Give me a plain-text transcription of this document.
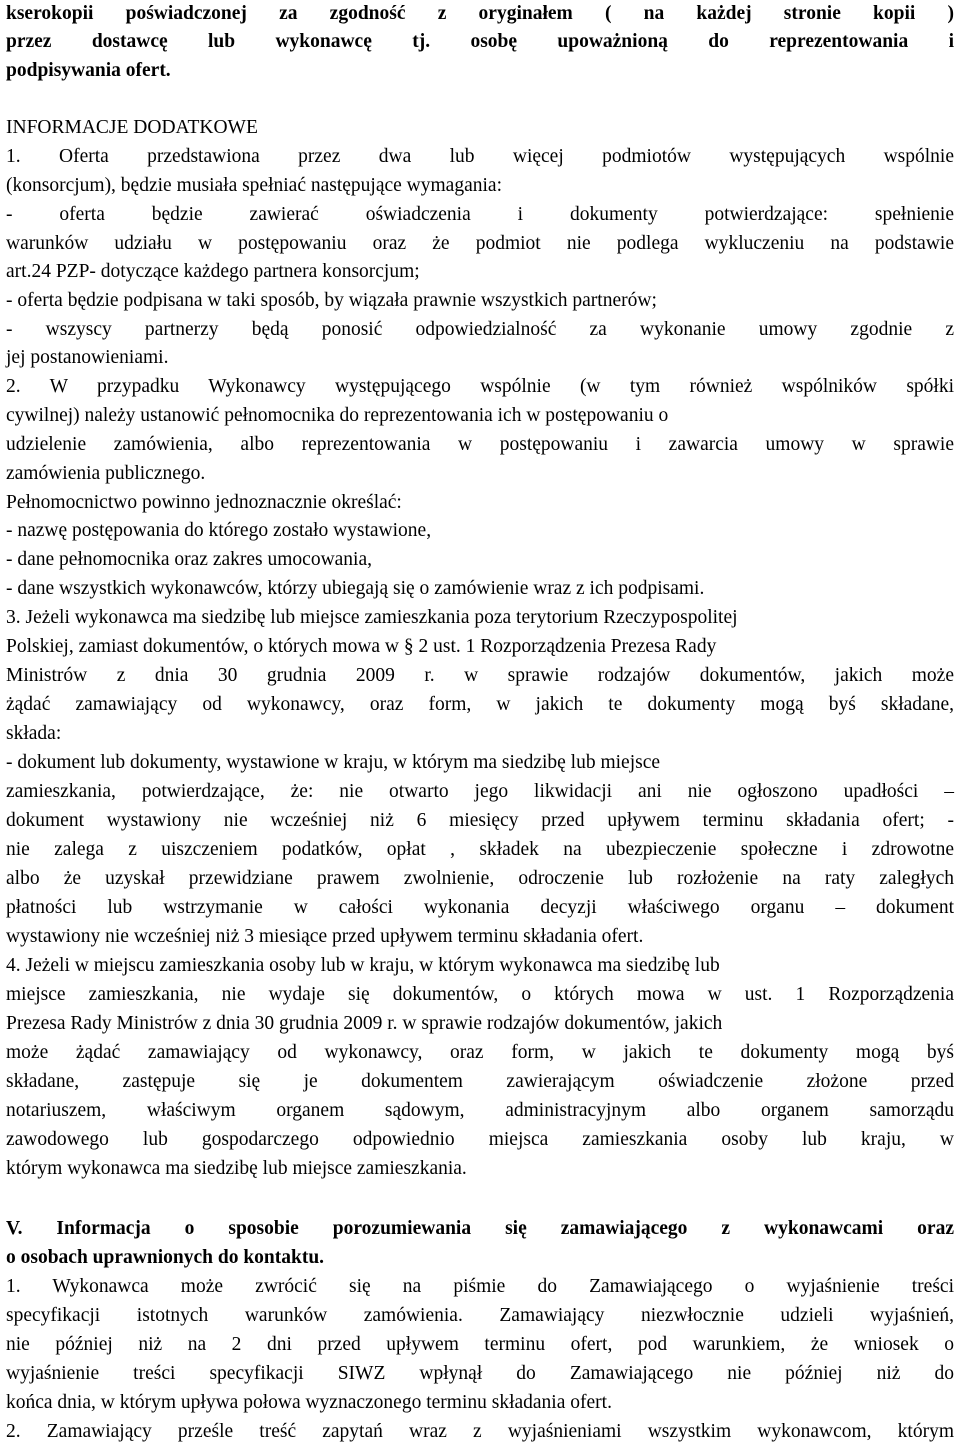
kserokopii poświadczonej za zgodność z oryginałem ( na każdej stronie kopii )

przez dostawcę lub wykonawcę tj. osobę upoważnioną do reprezentowania i

podpisywania ofert.

INFORMACJE DODATKOWE

1. Oferta przedstawiona przez dwa lub więcej podmiotów występujących wspólnie

(konsorcjum), będzie musiała spełniać następujące wymagania:

- oferta będzie zawierać oświadczenia i dokumenty potwierdzające: spełnienie

warunków udziału w postępowaniu oraz że podmiot nie podlega wykluczeniu na podstawie

art.24 PZP- dotyczące każdego partnera konsorcjum;

- oferta będzie podpisana w taki sposób, by wiązała prawnie wszystkich partnerów;

- wszyscy partnerzy będą ponosić odpowiedzialność za wykonanie umowy zgodnie z

jej postanowieniami.

2. W przypadku Wykonawcy występującego wspólnie (w tym również wspólników spółki

cywilnej) należy ustanowić pełnomocnika do reprezentowania ich w postępowaniu o

udzielenie zamówienia, albo reprezentowania w postępowaniu i zawarcia umowy w sprawie

zamówienia publicznego.

Pełnomocnictwo powinno jednoznacznie określać:

- nazwę postępowania do którego zostało wystawione,

- dane pełnomocnika oraz zakres umocowania,

- dane wszystkich wykonawców, którzy ubiegają się o zamówienie wraz z ich podpisami.

3. Jeżeli wykonawca ma siedzibę lub miejsce zamieszkania poza terytorium Rzeczypospolitej

Polskiej, zamiast dokumentów, o których mowa w § 2 ust. 1 Rozporządzenia Prezesa Rady

Ministrów z dnia 30 grudnia 2009 r. w sprawie rodzajów dokumentów, jakich może

żądać zamawiający od wykonawcy, oraz form, w jakich te dokumenty mogą byś składane,

składa:

- dokument lub dokumenty, wystawione w kraju, w którym ma siedzibę lub miejsce

zamieszkania, potwierdzające, że: nie otwarto jego likwidacji ani nie ogłoszono upadłości –

dokument wystawiony nie wcześniej niż 6 miesięcy przed upływem terminu składania ofert; -

nie zalega z uiszczeniem podatków, opłat , składek na ubezpieczenie społeczne i zdrowotne

albo że uzyskał przewidziane prawem zwolnienie, odroczenie lub rozłożenie na raty zaległych

płatności lub wstrzymanie w całości wykonania decyzji właściwego organu – dokument

wystawiony nie wcześniej niż 3 miesiące przed upływem terminu składania ofert.

4. Jeżeli w miejscu zamieszkania osoby lub w kraju, w którym wykonawca ma siedzibę lub

miejsce zamieszkania, nie wydaje się dokumentów, o których mowa w ust. 1 Rozporządzenia

Prezesa Rady Ministrów z dnia 30 grudnia 2009 r. w sprawie rodzajów dokumentów, jakich

może żądać zamawiający od wykonawcy, oraz form, w jakich te dokumenty mogą byś

składane, zastępuje się je dokumentem zawierającym oświadczenie złożone przed

notariuszem, właściwym organem sądowym, administracyjnym albo organem samorządu

zawodowego lub gospodarczego odpowiednio miejsca zamieszkania osoby lub kraju, w

którym wykonawca ma siedzibę lub miejsce zamieszkania.

V. Informacja o sposobie porozumiewania się zamawiającego z wykonawcami oraz

o osobach uprawnionych do kontaktu.

1. Wykonawca może zwrócić się na piśmie do Zamawiającego o wyjaśnienie treści

specyfikacji istotnych warunków zamówienia. Zamawiający niezwłocznie udzieli wyjaśnień,

nie później niż na 2 dni przed upływem terminu ofert, pod warunkiem, że wniosek o

wyjaśnienie treści specyfikacji SIWZ wpłynął do Zamawiającego nie później niż do

końca dnia, w którym upływa połowa wyznaczonego terminu składania ofert.

2. Zamawiający prześle treść zapytań wraz z wyjaśnieniami wszystkim wykonawcom, którym
